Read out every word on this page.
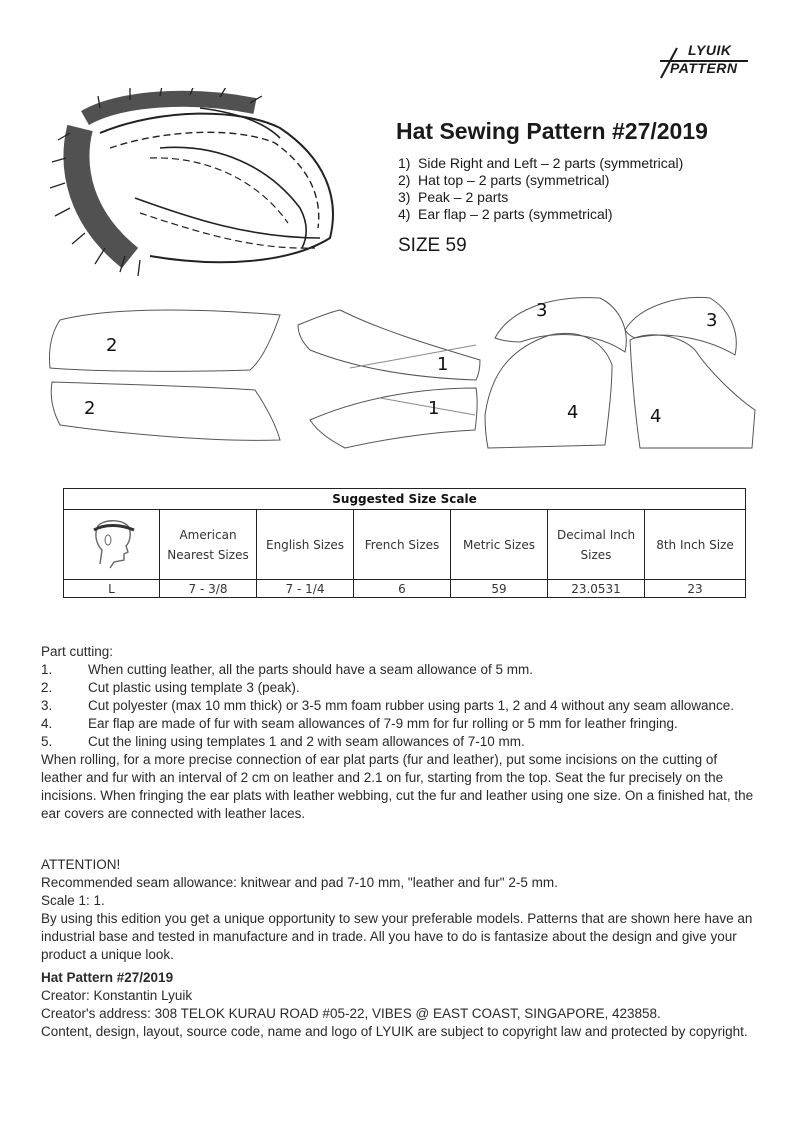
LYUIK
PATTERN
Hat Sewing Pattern #27/2019
1) Side Right and Left – 2 parts (symmetrical)
2) Hat top – 2 parts (symmetrical)
3) Peak – 2 parts
4) Ear flap – 2 parts (symmetrical)
SIZE 59
2
2
1
1
3	3
4	4
Suggested Size Scale						
	American Nearest Sizes	English Sizes	French Sizes	Metric Sizes	Decimal Inch Sizes	8th Inch Size
L	7 - 3/8	7 - 1/4	6	59	23.0531	23

Part cutting:

1.	When cutting leather, all the parts should have a seam allowance of 5 mm.

2.	Cut plastic using template 3 (peak).

3.	Cut polyester (max 10 mm thick) or 3-5 mm foam rubber using parts 1, 2 and 4 without any seam allowance.

4.	Ear flap are made of fur with seam allowances of 7-9 mm for fur rolling or 5 mm for leather fringing.

5.	Cut the lining using templates 1 and 2 with seam allowances of 7-10 mm.

When rolling, for a more precise connection of ear plat parts (fur and leather), put some incisions on the cutting of leather and fur with an interval of 2 cm on leather and 2.1 on fur, starting from the top. Seat the fur precisely on the incisions. When fringing the ear plats with leather webbing, cut the fur and leather using one size. On a finished hat, the ear covers are connected with leather laces.

ATTENTION!

Recommended seam allowance: knitwear and pad 7-10 mm, "leather and fur" 2-5 mm.

Scale 1: 1.

By using this edition you get a unique opportunity to sew your preferable models. Patterns that are shown here have an industrial base and tested in manufacture and in trade. All you have to do is fantasize about the design and give your product a unique look.

Hat Pattern #27/2019

Creator: Konstantin Lyuik

Creator's address: 308 TELOK KURAU ROAD #05-22, VIBES @ EAST COAST, SINGAPORE, 423858.

Content, design, layout, source code, name and logo of LYUIK are subject to copyright law and protected by copyright.
